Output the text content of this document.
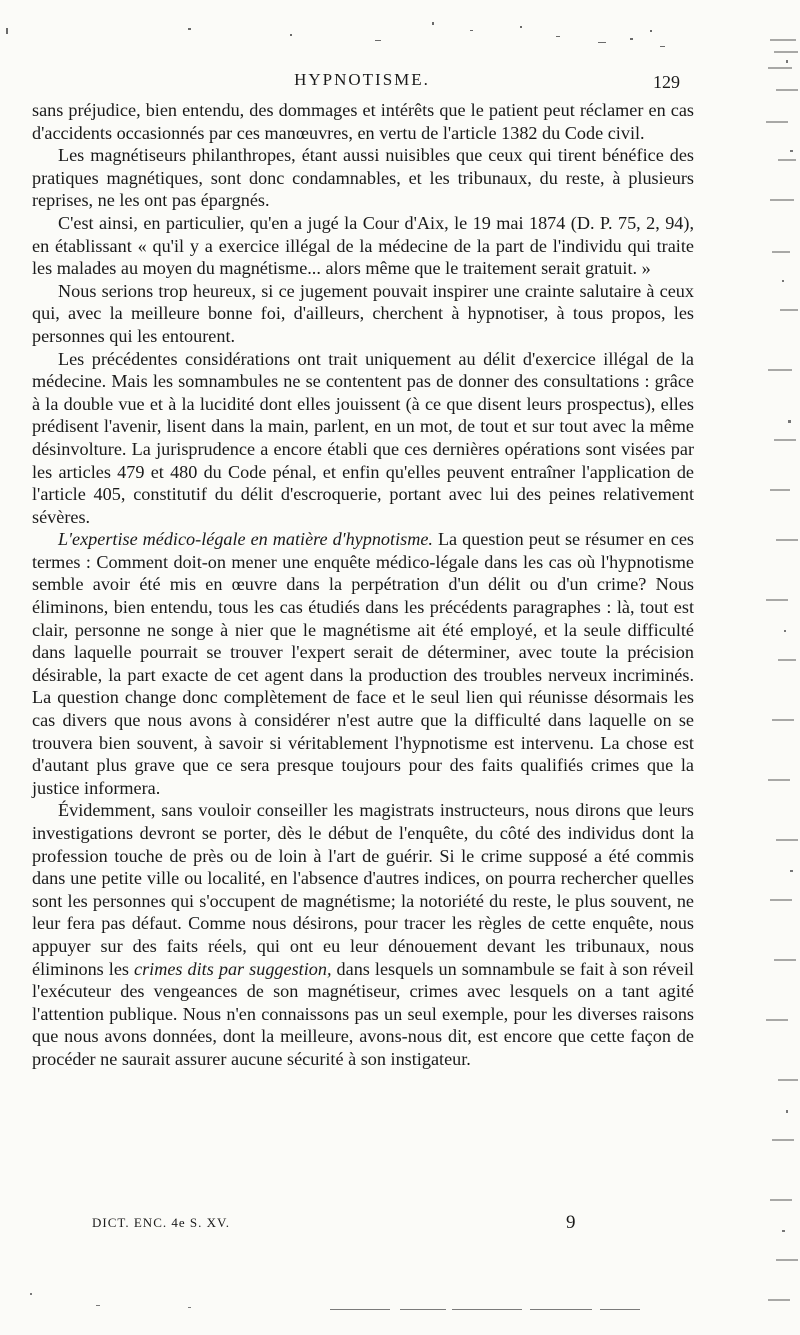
HYPNOTISME.	129

sans préjudice, bien entendu, des dommages et intérêts que le patient peut réclamer en cas d'accidents occasionnés par ces manœuvres, en vertu de l'article 1382 du Code civil.

Les magnétiseurs philanthropes, étant aussi nuisibles que ceux qui tirent bénéfice des pratiques magnétiques, sont donc condamnables, et les tribunaux, du reste, à plusieurs reprises, ne les ont pas épargnés.

C'est ainsi, en particulier, qu'en a jugé la Cour d'Aix, le 19 mai 1874 (D. P. 75, 2, 94), en établissant « qu'il y a exercice illégal de la médecine de la part de l'individu qui traite les malades au moyen du magnétisme... alors même que le traitement serait gratuit. »

Nous serions trop heureux, si ce jugement pouvait inspirer une crainte salutaire à ceux qui, avec la meilleure bonne foi, d'ailleurs, cherchent à hypnotiser, à tous propos, les personnes qui les entourent.

Les précédentes considérations ont trait uniquement au délit d'exercice illégal de la médecine. Mais les somnambules ne se contentent pas de donner des consultations : grâce à la double vue et à la lucidité dont elles jouissent (à ce que disent leurs prospectus), elles prédisent l'avenir, lisent dans la main, parlent, en un mot, de tout et sur tout avec la même désinvolture. La jurisprudence a encore établi que ces dernières opérations sont visées par les articles 479 et 480 du Code pénal, et enfin qu'elles peuvent entraîner l'application de l'article 405, constitutif du délit d'escroquerie, portant avec lui des peines relativement sévères.

L'expertise médico-légale en matière d'hypnotisme. La question peut se résumer en ces termes : Comment doit-on mener une enquête médico-légale dans les cas où l'hypnotisme semble avoir été mis en œuvre dans la perpétration d'un délit ou d'un crime? Nous éliminons, bien entendu, tous les cas étudiés dans les précédents paragraphes : là, tout est clair, personne ne songe à nier que le magnétisme ait été employé, et la seule difficulté dans laquelle pourrait se trouver l'expert serait de déterminer, avec toute la précision désirable, la part exacte de cet agent dans la production des troubles nerveux incriminés. La question change donc complètement de face et le seul lien qui réunisse désormais les cas divers que nous avons à considérer n'est autre que la difficulté dans laquelle on se trouvera bien souvent, à savoir si véritablement l'hypnotisme est intervenu. La chose est d'autant plus grave que ce sera presque toujours pour des faits qualifiés crimes que la justice informera.

Évidemment, sans vouloir conseiller les magistrats instructeurs, nous dirons que leurs investigations devront se porter, dès le début de l'enquête, du côté des individus dont la profession touche de près ou de loin à l'art de guérir. Si le crime supposé a été commis dans une petite ville ou localité, en l'absence d'autres indices, on pourra rechercher quelles sont les personnes qui s'occupent de magnétisme; la notoriété du reste, le plus souvent, ne leur fera pas défaut. Comme nous désirons, pour tracer les règles de cette enquête, nous appuyer sur des faits réels, qui ont eu leur dénouement devant les tribunaux, nous éliminons les crimes dits par suggestion, dans lesquels un somnambule se fait à son réveil l'exécuteur des vengeances de son magnétiseur, crimes avec lesquels on a tant agité l'attention publique. Nous n'en connaissons pas un seul exemple, pour les diverses raisons que nous avons données, dont la meilleure, avons-nous dit, est encore que cette façon de procéder ne saurait assurer aucune sécurité à son instigateur.

DICT. ENC. 4e S. XV.	9
